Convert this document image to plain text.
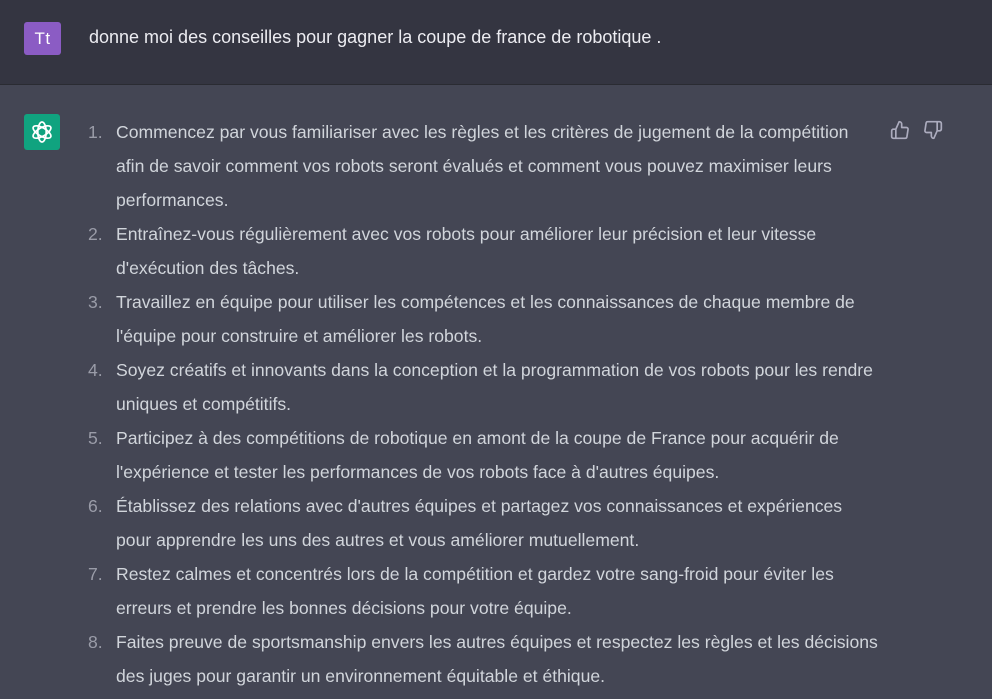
Tt	donne moi des conseilles pour gagner la coupe de france de robotique .
1. Commencez par vous familiariser avec les règles et les critères de jugement de la compétition afin de savoir comment vos robots seront évalués et comment vous pouvez maximiser leurs performances.
2. Entraînez-vous régulièrement avec vos robots pour améliorer leur précision et leur vitesse d'exécution des tâches.
3. Travaillez en équipe pour utiliser les compétences et les connaissances de chaque membre de l'équipe pour construire et améliorer les robots.
4. Soyez créatifs et innovants dans la conception et la programmation de vos robots pour les rendre uniques et compétitifs.
5. Participez à des compétitions de robotique en amont de la coupe de France pour acquérir de l'expérience et tester les performances de vos robots face à d'autres équipes.
6. Établissez des relations avec d'autres équipes et partagez vos connaissances et expériences pour apprendre les uns des autres et vous améliorer mutuellement.
7. Restez calmes et concentrés lors de la compétition et gardez votre sang-froid pour éviter les erreurs et prendre les bonnes décisions pour votre équipe.
8. Faites preuve de sportsmanship envers les autres équipes et respectez les règles et les décisions des juges pour garantir un environnement équitable et éthique.
